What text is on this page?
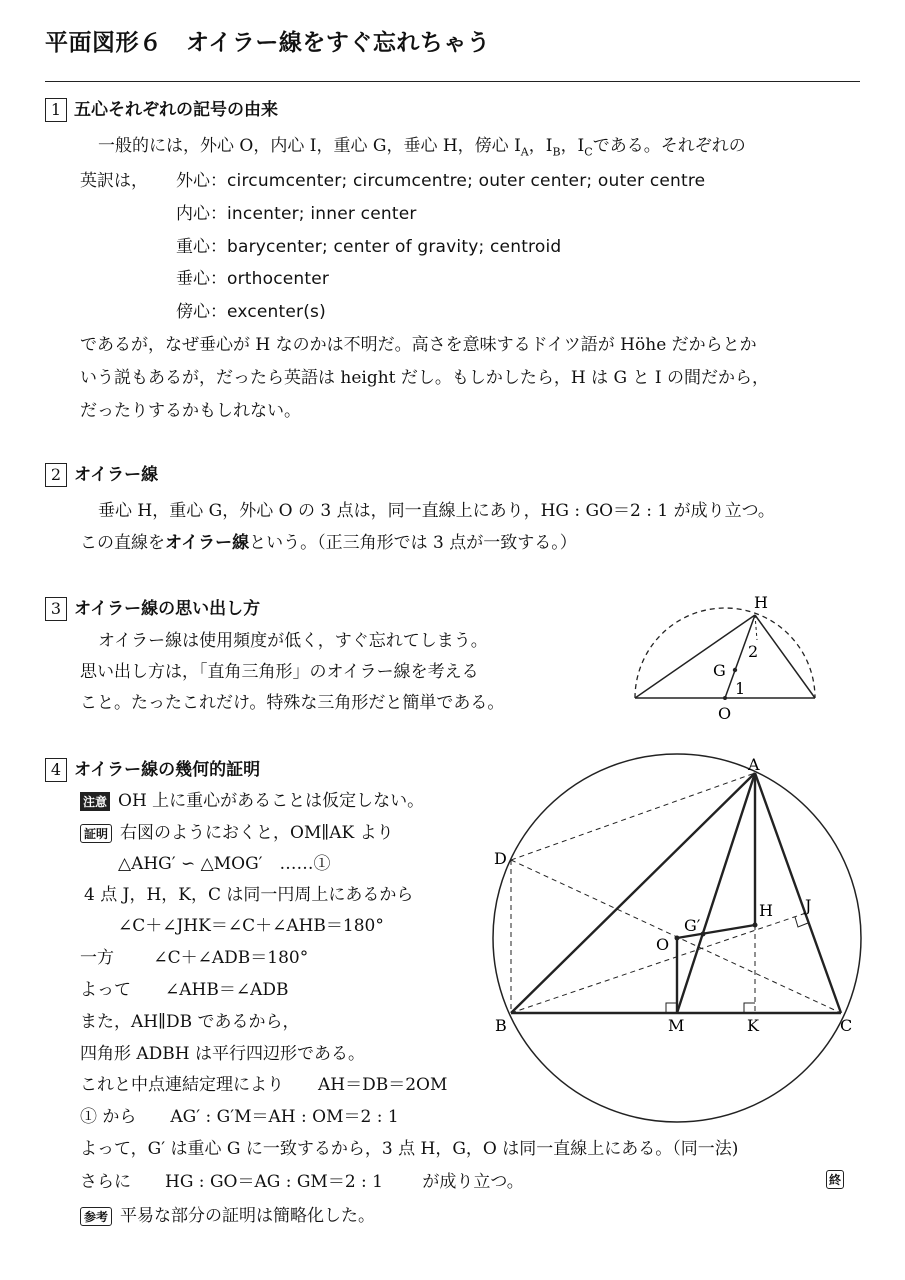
平面図形６　オイラー線をすぐ忘れちゃう
1 五心それぞれの記号の由来
一般的には，外心 O，内心 I，重心 G，垂心 H，傍心 $I_A$，$I_B$，$I_C$である。それぞれの
英訳は， 外心：circumcenter; circumcentre; outer center; outer centre
内心：incenter; inner center
重心：barycenter; center of gravity; centroid
垂心：orthocenter
傍心：excenter(s)
であるが，なぜ垂心が H なのかは不明だ。高さを意味するドイツ語が Höhe だからとか
いう説もあるが，だったら英語は height だし。もしかしたら，H は G と I の間だから，
だったりするかもしれない。
2 オイラー線
垂心 H，重心 G，外心 O の 3 点は，同一直線上にあり，HG : GO＝2 : 1 が成り立つ。
この直線をオイラー線という。（正三角形では 3 点が一致する。）
3 オイラー線の思い出し方
オイラー線は使用頻度が低く，すぐ忘れてしまう。
思い出し方は，「直角三角形」のオイラー線を考える
こと。たったこれだけ。特殊な三角形だと簡単である。
H
G
O
2
1
4 オイラー線の幾何的証明
注意 OH 上に重心があることは仮定しない。
証明 右図のようにおくと，OM∥AK より
△AHG′ ∽ △MOG′　……①
4 点 J，H，K，C は同一円周上にあるから
∠C＋∠JHK＝∠C＋∠AHB＝180°
一方　　 ∠C＋∠ADB＝180°
よって　　∠AHB＝∠ADB
また，AH∥DB であるから，
四角形 ADBH は平行四辺形である。
これと中点連結定理により　　AH＝DB＝2OM
① から　　AG′ : G′M＝AH : OM＝2 : 1
よって，G′ は重心 G に一致するから，3 点 H，G，O は同一直線上にある。（同一法)
さらに　　HG : GO＝AG : GM＝2 : 1　　 が成り立つ。	終
参考 平易な部分の証明は簡略化した。
A
B	C
D
H J
G′
O
M	K
